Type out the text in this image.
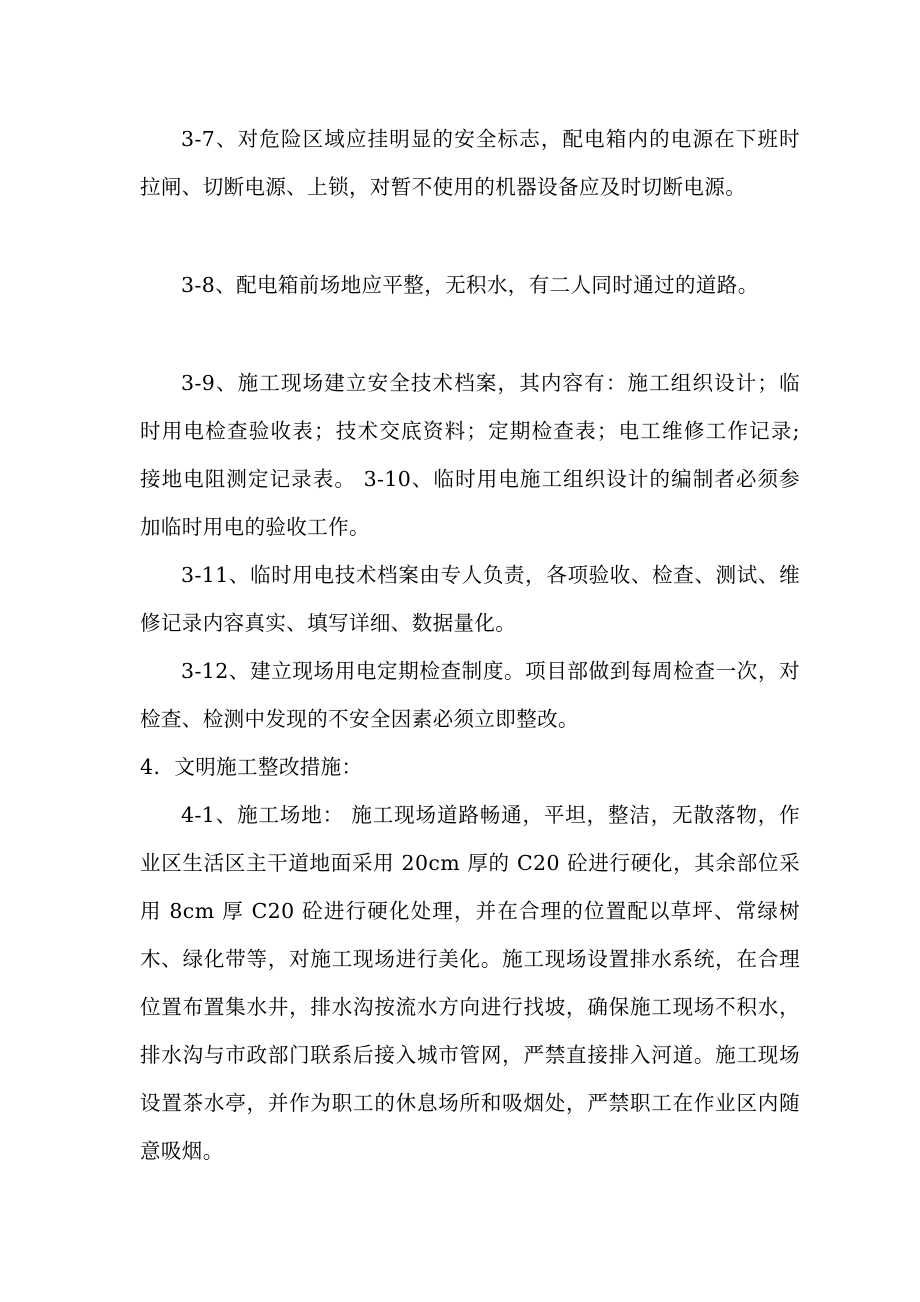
3-7、对危险区域应挂明显的安全标志，配电箱内的电源在下班时拉闸、切断电源、上锁，对暂不使用的机器设备应及时切断电源。

3-8、配电箱前场地应平整，无积水，有二人同时通过的道路。

3-9、施工现场建立安全技术档案，其内容有：施工组织设计；临时用电检查验收表；技术交底资料；定期检查表；电工维修工作记录; 接地电阻测定记录表。 3-10、临时用电施工组织设计的编制者必须参加临时用电的验收工作。

3-11、临时用电技术档案由专人负责，各项验收、检查、测试、维修记录内容真实、填写详细、数据量化。

3-12、建立现场用电定期检查制度。项目部做到每周检查一次，对检查、检测中发现的不安全因素必须立即整改。

4．文明施工整改措施：

4-1、施工场地： 施工现场道路畅通，平坦，整洁，无散落物，作业区生活区主干道地面采用 20cm 厚的 C20 砼进行硬化，其余部位采用 8cm 厚 C20 砼进行硬化处理，并在合理的位置配以草坪、常绿树木、绿化带等，对施工现场进行美化。施工现场设置排水系统，在合理位置布置集水井，排水沟按流水方向进行找坡，确保施工现场不积水，排水沟与市政部门联系后接入城市管网，严禁直接排入河道。施工现场设置茶水亭，并作为职工的休息场所和吸烟处，严禁职工在作业区内随意吸烟。
